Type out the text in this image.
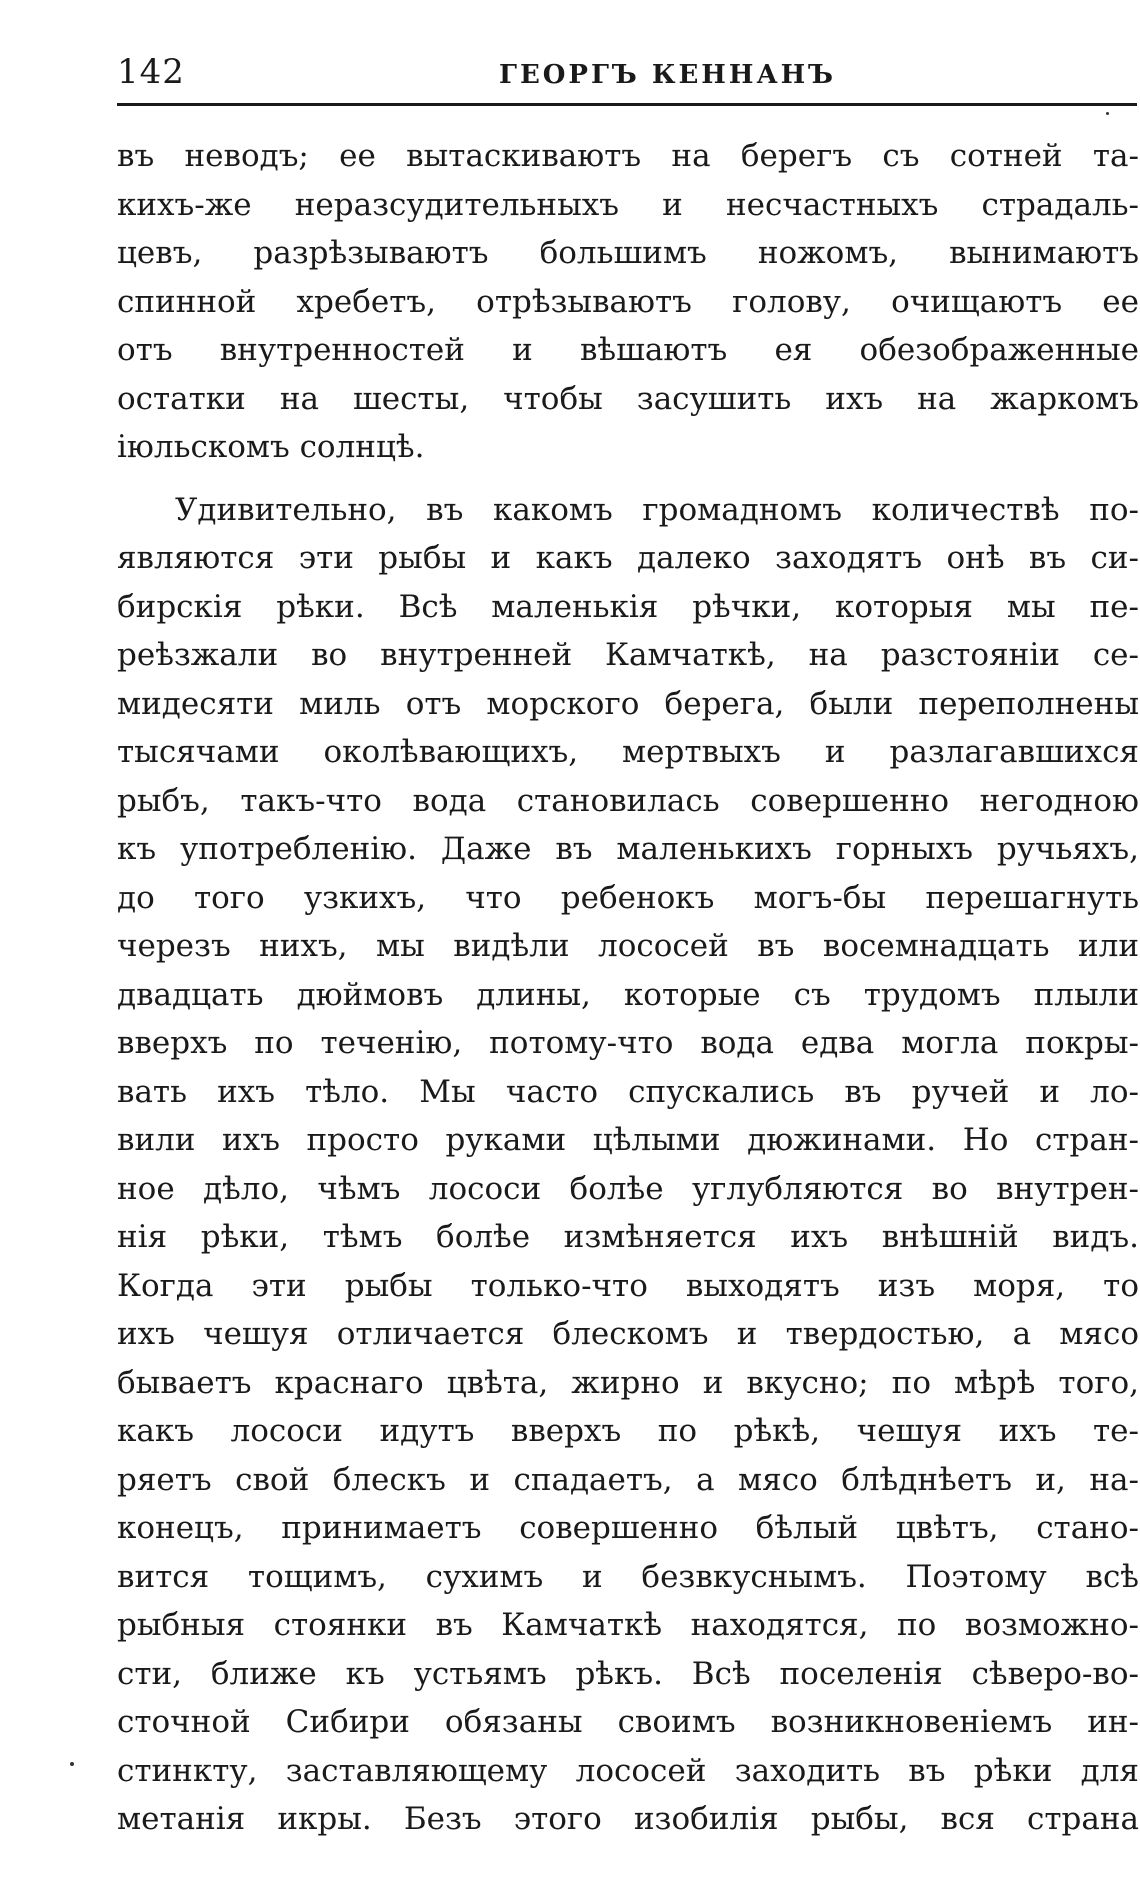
142	ГЕОРГЪ КЕННАНЪ
въ неводъ; ее вытаскиваютъ на берегъ съ сотней та-
кихъ-же неразсудительныхъ и несчастныхъ страдаль-
цевъ, разрѣзываютъ большимъ ножомъ, вынимаютъ
спинной хребетъ, отрѣзываютъ голову, очищаютъ ее
отъ внутренностей и вѣшаютъ ея обезображенные
остатки на шесты, чтобы засушить ихъ на жаркомъ
іюльскомъ солнцѣ.
Удивительно, въ какомъ громадномъ количествѣ по-
являются эти рыбы и какъ далеко заходятъ онѣ въ си-
бирскія рѣки. Всѣ маленькія рѣчки, которыя мы пе-
реѣзжали во внутренней Камчаткѣ, на разстояніи се-
мидесяти миль отъ морского берега, были переполнены
тысячами околѣвающихъ, мертвыхъ и разлагавшихся
рыбъ, такъ-что вода становилась совершенно негодною
къ употребленію. Даже въ маленькихъ горныхъ ручьяхъ,
до того узкихъ, что ребенокъ могъ-бы перешагнуть
черезъ нихъ, мы видѣли лососей въ восемнадцать или
двадцать дюймовъ длины, которые съ трудомъ плыли
вверхъ по теченію, потому-что вода едва могла покры-
вать ихъ тѣло. Мы часто спускались въ ручей и ло-
вили ихъ просто руками цѣлыми дюжинами. Но стран-
ное дѣло, чѣмъ лососи болѣе углубляются во внутрен-
нія рѣки, тѣмъ болѣе измѣняется ихъ внѣшній видъ.
Когда эти рыбы только-что выходятъ изъ моря, то
ихъ чешуя отличается блескомъ и твердостью, а мясо
бываетъ краснаго цвѣта, жирно и вкусно; по мѣрѣ того,
какъ лососи идутъ вверхъ по рѣкѣ, чешуя ихъ те-
ряетъ свой блескъ и спадаетъ, а мясо блѣднѣетъ и, на-
конецъ, принимаетъ совершенно бѣлый цвѣтъ, стано-
вится тощимъ, сухимъ и безвкуснымъ. Поэтому всѣ
рыбныя стоянки въ Камчаткѣ находятся, по возможно-
сти, ближе къ устьямъ рѣкъ. Всѣ поселенія сѣверо-во-
сточной Сибири обязаны своимъ возникновеніемъ ин-
стинкту, заставляющему лососей заходить въ рѣки для
метанія икры. Безъ этого изобилія рыбы, вся страна
